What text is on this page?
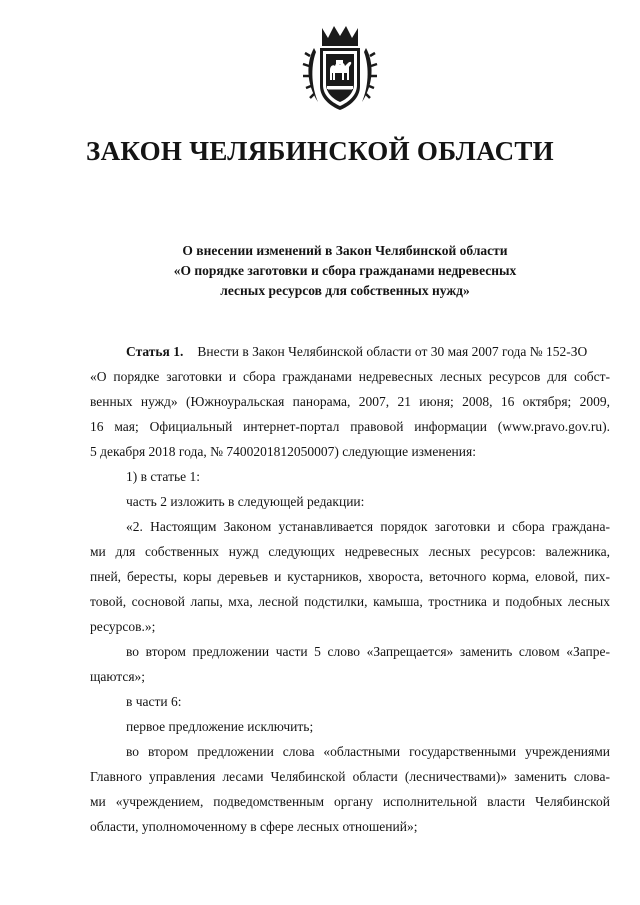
ЗАКОН ЧЕЛЯБИНСКОЙ ОБЛАСТИ
О внесении изменений в Закон Челябинской области
«О порядке заготовки и сбора гражданами недревесных
лесных ресурсов для собственных нужд»
Статья 1. Внести в Закон Челябинской области от 30 мая 2007 года № 152-ЗО
«О порядке заготовки и сбора гражданами недревесных лесных ресурсов для собст-
венных нужд» (Южноуральская панорама, 2007, 21 июня; 2008, 16 октября; 2009,
16 мая; Официальный интернет-портал правовой информации (www.pravo.gov.ru).
5 декабря 2018 года, № 7400201812050007) следующие изменения:
1) в статье 1:
часть 2 изложить в следующей редакции:
«2. Настоящим Законом устанавливается порядок заготовки и сбора граждана-
ми для собственных нужд следующих недревесных лесных ресурсов: валежника,
пней, бересты, коры деревьев и кустарников, хвороста, веточного корма, еловой, пих-
товой, сосновой лапы, мха, лесной подстилки, камыша, тростника и подобных лесных
ресурсов.»;
во втором предложении части 5 слово «Запрещается» заменить словом «Запре-
щаются»;
в части 6:
первое предложение исключить;
во втором предложении слова «областными государственными учреждениями
Главного управления лесами Челябинской области (лесничествами)» заменить слова-
ми «учреждением, подведомственным органу исполнительной власти Челябинской
области, уполномоченному в сфере лесных отношений»;
